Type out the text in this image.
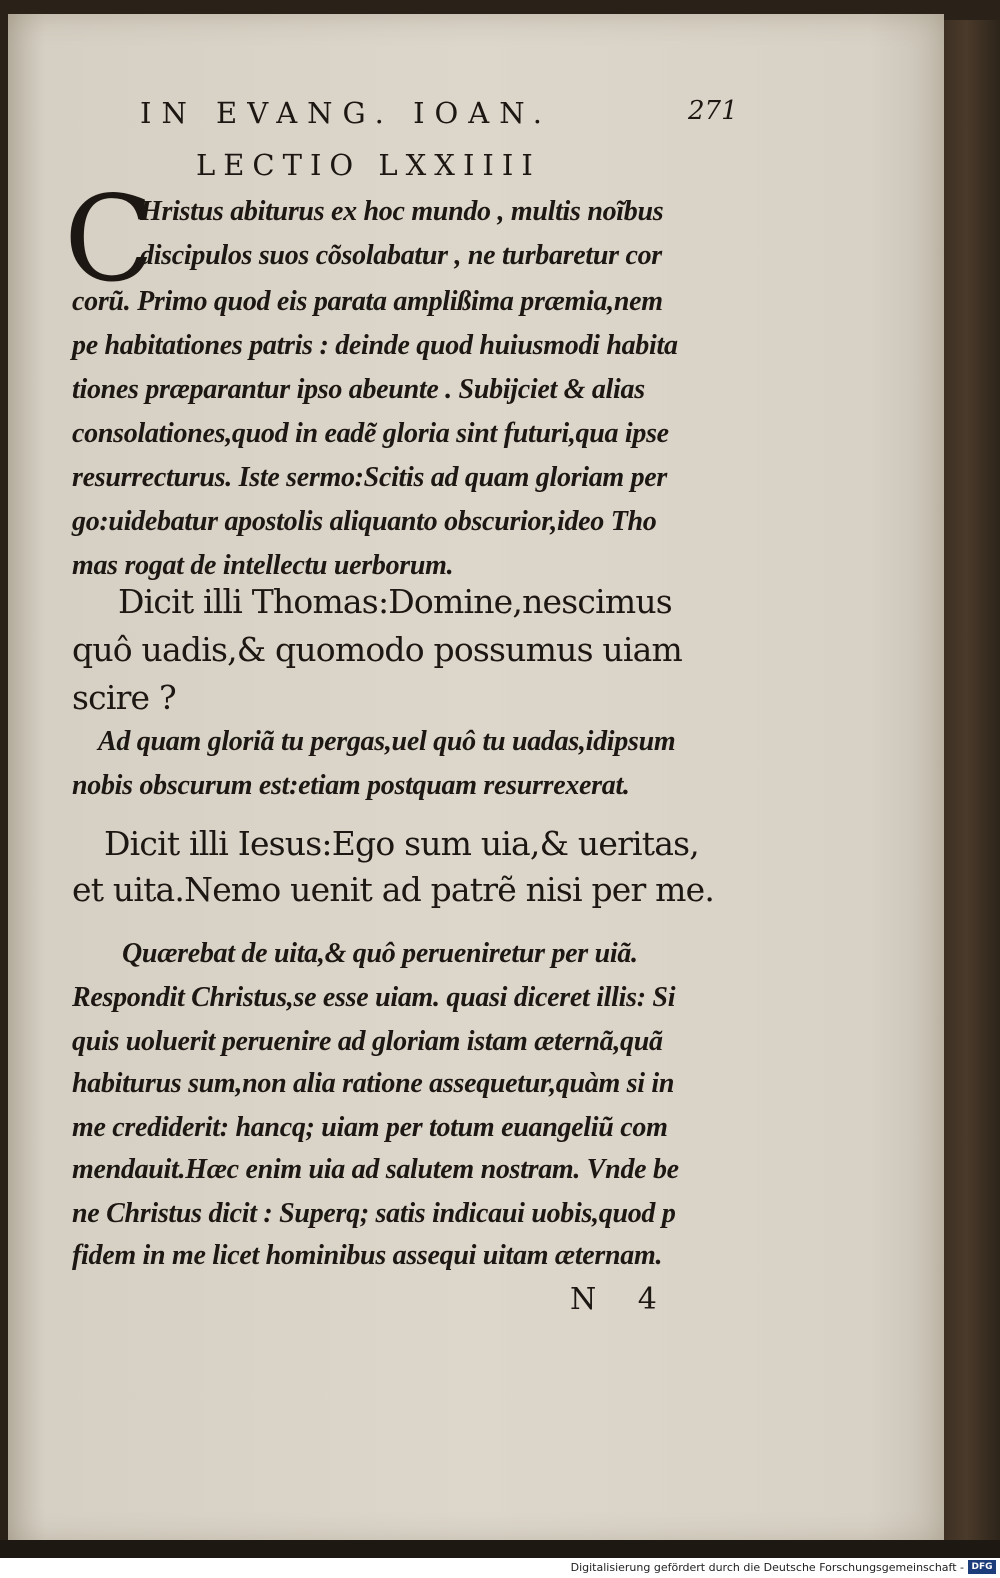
IN EVANG. IOAN.	271
LECTIO LXXIIII
C
Hristus abiturus ex hoc mundo , multis noĩbus
discipulos suos cõsolabatur , ne turbaretur cor
corũ. Primo quod eis parata amplißima præmia,nem
pe habitationes patris : deinde quod huiusmodi habita
tiones præparantur ipso abeunte . Subijciet & alias
consolationes,quod in eadẽ gloria sint futuri,qua ipse
resurrecturus. Iste sermo:Scitis ad quam gloriam per
go:uidebatur apostolis aliquanto obscurior,ideo Tho
mas rogat de intellectu uerborum.
Dicit illi Thomas:Domine,nescimus
quô uadis,& quomodo possumus uiam
scire ?
Ad quam gloriã tu pergas,uel quô tu uadas,idipsum
nobis obscurum est:etiam postquam resurrexerat.
Dicit illi Iesus:Ego sum uia,& ueritas,
et uita.Nemo uenit ad patrẽ nisi per me.
Quærebat de uita,& quô perueniretur per uiã.
Respondit Christus,se esse uiam. quasi diceret illis: Si
quis uoluerit peruenire ad gloriam istam æternã,quã
habiturus sum,non alia ratione assequetur,quàm si in
me crediderit: hancq; uiam per totum euangeliũ com
mendauit.Hæc enim uia ad salutem nostram. Vnde be
ne Christus dicit : Superq; satis indicaui uobis,quod p
fidem in me licet hominibus assequi uitam æternam.
N 4
Digitalisierung gefördert durch die Deutsche Forschungsgemeinschaft - DFG
